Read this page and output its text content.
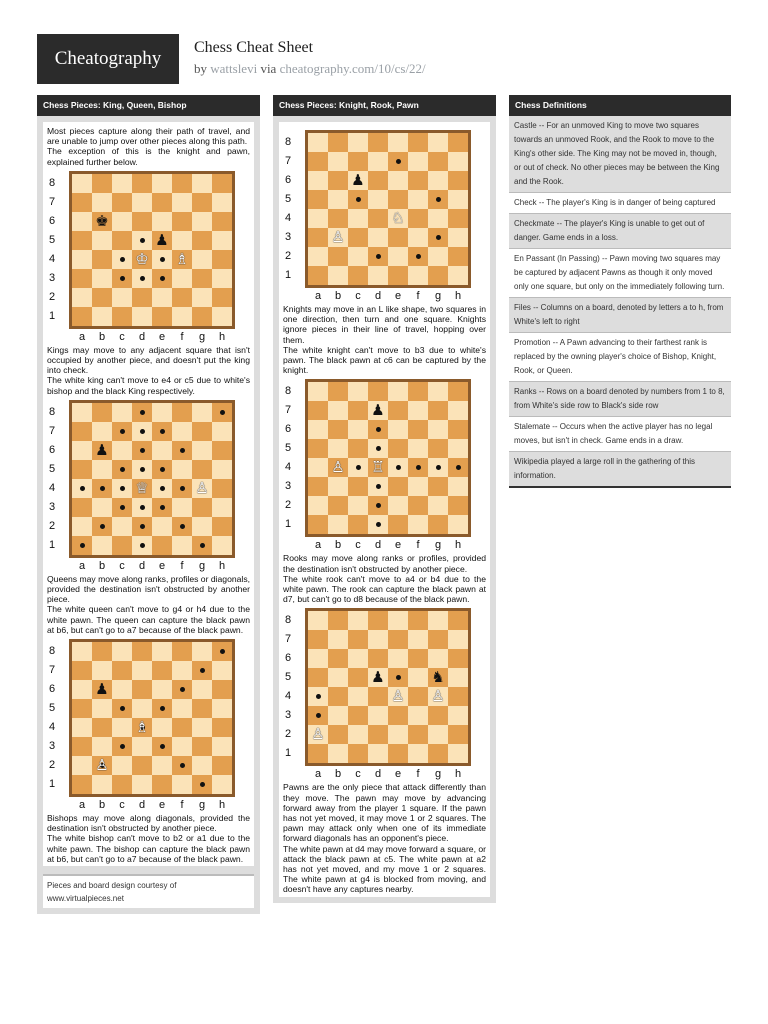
Cheatography
Chess Cheat Sheet
by wattslevi via cheatography.com/10/cs/22/
Chess Pieces: King, Queen, Bishop
Most pieces capture along their path of travel, and are unable to jump over other pieces along this path.
The exception of this is the knight and pawn, explained further below.
8
7
6
5
4
3
2
1
♚
♟
♔ ♗
a	b	c	d	e	f	g	h
Kings may move to any adjacent square that isn't occupied by another piece, and doesn't put the king into check.
The white king can't move to e4 or c5 due to white's bishop and the black King respectively.
8
7
6
5
4
3
2
1
♟
♕	♙
a	b	c	d	e	f	g	h
Queens may move along ranks, profiles or diagonals, provided the destination isn't obstructed by another piece.
The white queen can't move to g4 or h4 due to the white pawn. The queen can capture the black pawn at b6, but can't go to a7 because of the black pawn.
8
7
6
5
4
3
2
1
♟
♗
♙
a	b	c	d	e	f	g	h
Bishops may move along diagonals, provided the destination isn't obstructed by another piece.
The white bishop can't move to b2 or a1 due to the white pawn. The bishop can capture the black pawn at b6, but can't go to a7 because of the black pawn.
Pieces and board design courtesy of
www.virtualpieces.net
Chess Pieces: Knight, Rook, Pawn
8
7
6
5
4
3
2
1
♟
♘
♙
a	b	c	d	e	f	g	h
Knights may move in an L like shape, two squares in one direction, then turn and one square. Knights ignore pieces in their line of travel, hopping over them.
The white knight can't move to b3 due to white's pawn. The black pawn at c6 can be captured by the knight.
8
7
6
5
4
3
2
1
♟
♙ ♖
a	b	c	d	e	f	g	h
Rooks may move along ranks or profiles, provided the destination isn't obstructed by another piece.
The white rook can't move to a4 or b4 due to the white pawn. The rook can capture the black pawn at d7, but can't go to d8 because of the black pawn.
8
7
6
5
4
3
2
1
♟	♞
♙ ♙
♙
a	b	c	d	e	f	g	h
Pawns are the only piece that attack differently than they move. The pawn may move by advancing forward away from the player 1 square. If the pawn has not yet moved, it may move 1 or 2 squares. The pawn may attack only when one of its immediate forward diagonals has an opponent's piece.
The white pawn at d4 may move forward a square, or attack the black pawn at c5. The white pawn at a2 has not yet moved, and my move 1 or 2 squares. The white pawn at g4 is blocked from moving, and doesn't have any captures nearby.
Chess Definitions
Castle -- For an unmoved King to move two squares towards an unmoved Rook, and the Rook to move to the King's other side. The King may not be moved in, though, or out of check. No other pieces may be between the King and the Rook.
Check -- The player's King is in danger of being captured
Checkmate -- The player's King is unable to get out of danger. Game ends in a loss.
En Passant (In Passing) -- Pawn moving two squares may be captured by adjacent Pawns as though it only moved only one square, but only on the immediately following turn.
Files -- Columns on a board, denoted by letters a to h, from White's left to right
Promotion -- A Pawn advancing to their farthest rank is replaced by the owning player's choice of Bishop, Knight, Rook, or Queen.
Ranks -- Rows on a board denoted by numbers from 1 to 8, from White's side row to Black's side row
Stalemate -- Occurs when the active player has no legal moves, but isn't in check. Game ends in a draw.
Wikipedia played a large roll in the gathering of this information.
